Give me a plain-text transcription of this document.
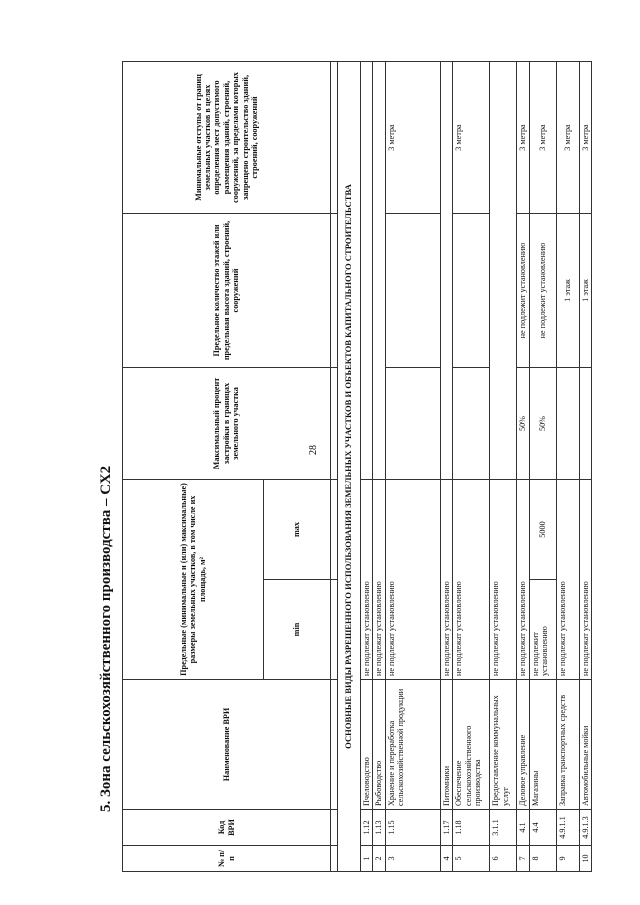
28
5. Зона сельскохозяйственного производства – СХ2
№ п/п	Код ВРИ	Наименование ВРИ	Предельные (минимальные и (или) максимальные) размеры земельных участков, в том числе их площадь, м²		Максимальный процент застройки в границах земельного участка	Предельное количество этажей или предельная высота зданий, строений, сооружений	Минимальные отступы от границ земельных участков в целях определения мест допустимого размещения зданий, строений, сооружений, за пределами которых запрещено строительство зданий, строений, сооружений
			min	max			

ОСНОВНЫЕ ВИДЫ РАЗРЕШЕННОГО ИСПОЛЬЗОВАНИЯ ЗЕМЕЛЬНЫХ УЧАСТКОВ И ОБЪЕКТОВ КАПИТАЛЬНОГО СТРОИТЕЛЬСТВА							
1	1.12	Пчеловодство	не подлежат установлению				
2	1.13	Рыбоводство	не подлежат установлению				
3	1.15	Хранение и переработка сельскохозяйственной продукции	не подлежат установлению				3 метра
4	1.17	Питомники	не подлежат установлению				
5	1.18	Обеспечение сельскохозяйственного производства	не подлежат установлению				3 метра
6	3.1.1	Предоставление коммунальных услуг	не подлежат установлению				
7	4.1	Деловое управление	не подлежат установлению		50%	не подлежит установлению	3 метра
8	4.4	Магазины	не подлежит установлению	5000	50%	не подлежит установлению	3 метра
9	4.9.1.1	Заправка транспортных средств	не подлежат установлению			1 этаж	3 метра
10	4.9.1.3	Автомобильные мойки	не подлежат установлению			1 этаж	3 метра
